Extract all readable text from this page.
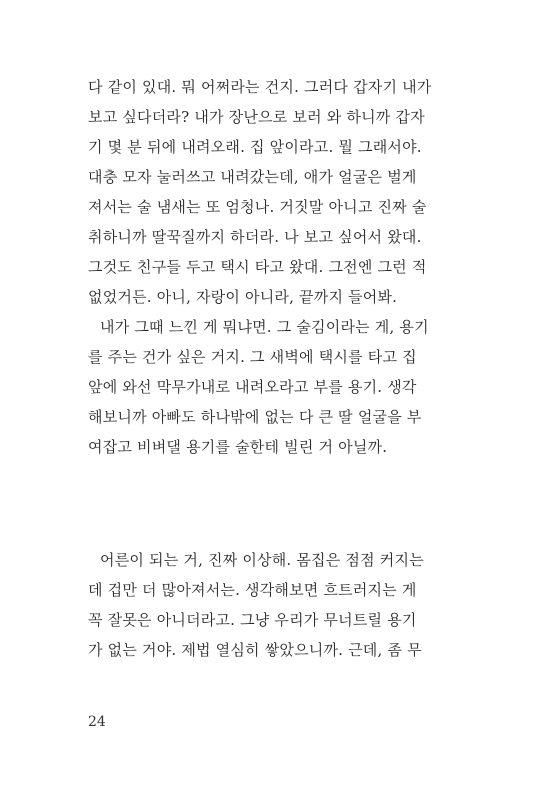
다 같이 있대. 뭐 어쩌라는 건지. 그러다 갑자기 내가
보고 싶다더라? 내가 장난으로 보러 와 하니까 갑자
기 몇 분 뒤에 내려오래. 집 앞이라고. 뭘 그래서야.
대충 모자 눌러쓰고 내려갔는데, 애가 얼굴은 벌게
져서는 술 냄새는 또 엄청나. 거짓말 아니고 진짜 술
취하니까 딸꾹질까지 하더라. 나 보고 싶어서 왔대.
그것도 친구들 두고 택시 타고 왔대. 그전엔 그런 적
없었거든. 아니, 자랑이 아니라, 끝까지 들어봐.
내가 그때 느낀 게 뭐냐면. 그 술김이라는 게, 용기
를 주는 건가 싶은 거지. 그 새벽에 택시를 타고 집
앞에 와선 막무가내로 내려오라고 부를 용기. 생각
해보니까 아빠도 하나밖에 없는 다 큰 딸 얼굴을 부
여잡고 비벼댈 용기를 술한테 빌린 거 아닐까.
어른이 되는 거, 진짜 이상해. 몸집은 점점 커지는
데 겁만 더 많아져서는. 생각해보면 흐트러지는 게
꼭 잘못은 아니더라고. 그냥 우리가 무너트릴 용기
가 없는 거야. 제법 열심히 쌓았으니까. 근데, 좀 무
24
